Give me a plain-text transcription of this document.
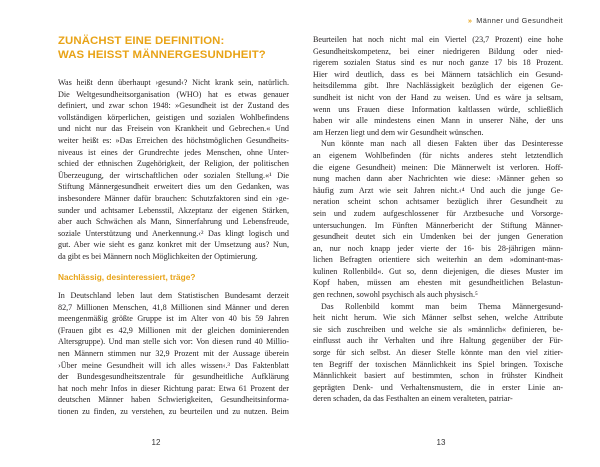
ZUNÄCHST EINE DEFINITION:
WAS HEISST MÄNNERGESUNDHEIT?
Was heißt denn überhaupt ›gesund‹? Nicht krank sein, natürlich.
Die Weltgesundheitsorganisation (WHO) hat es etwas genauer
definiert, und zwar schon 1948: »Gesundheit ist der Zustand des
vollständigen körperlichen, geistigen und sozialen Wohlbefindens
und nicht nur das Freisein von Krankheit und Gebrechen.« Und
weiter heißt es: »Das Erreichen des höchstmöglichen Gesundheits-
niveaus ist eines der Grundrechte jedes Menschen, ohne Unter-
schied der ethnischen Zugehörigkeit, der Religion, der politischen
Überzeugung, der wirtschaftlichen oder sozialen Stellung.«¹ Die
Stiftung Männergesundheit erweitert dies um den Gedanken, was
insbesondere Männer dafür brauchen: Schutzfaktoren sind ein ›ge-
sunder und achtsamer Lebensstil, Akzeptanz der eigenen Stärken,
aber auch Schwächen als Mann, Sinnerfahrung und Lebensfreude,
soziale Unterstützung und Anerkennung.‹² Das klingt logisch und
gut. Aber wie sieht es ganz konkret mit der Umsetzung aus? Nun,
da gibt es bei Männern noch Möglichkeiten der Optimierung.
Nachlässig, desinteressiert, träge?
In Deutschland leben laut dem Statistischen Bundesamt derzeit
82,7 Millionen Menschen, 41,8 Millionen sind Männer und deren
meengenmäßig größte Gruppe ist im Alter von 40 bis 59 Jahren
(Frauen gibt es 42,9 Millionen mit der gleichen dominierenden
Altersgruppe). Und man stelle sich vor: Von diesen rund 40 Millio-
nen Männern stimmen nur 32,9 Prozent mit der Aussage überein
›Über meine Gesundheit will ich alles wissen‹.³ Das Faktenblatt
der Bundesgesundheitszentrale für gesundheitliche Aufklärung
hat noch mehr Infos in dieser Richtung parat: Etwa 61 Prozent der
deutschen Männer haben Schwierigkeiten, Gesundheitsinforma-
tionen zu finden, zu verstehen, zu beurteilen und zu nutzen. Beim
12
» Männer und Gesundheit
Beurteilen hat noch nicht mal ein Viertel (23,7 Prozent) eine hohe
Gesundheitskompetenz, bei einer niedrigeren Bildung oder nied-
rigerem sozialen Status sind es nur noch ganze 17 bis 18 Prozent.
Hier wird deutlich, dass es bei Männern tatsächlich ein Gesund-
heitsdilemma gibt. Ihre Nachlässigkeit bezüglich der eigenen Ge-
sundheit ist nicht von der Hand zu weisen. Und es wäre ja seltsam,
wenn uns Frauen diese Information kaltlassen würde, schließlich
haben wir alle mindestens einen Mann in unserer Nähe, der uns
am Herzen liegt und dem wir Gesundheit wünschen.
Nun könnte man nach all diesen Fakten über das Desinteresse
an eigenem Wohlbefinden (für nichts anderes steht letztendlich
die eigene Gesundheit) meinen: Die Männerwelt ist verloren. Hoff-
nung machen dann aber Nachrichten wie diese: ›Männer gehen so
häufig zum Arzt wie seit Jahren nicht.‹⁴ Und auch die junge Ge-
neration scheint schon achtsamer bezüglich ihrer Gesundheit zu
sein und zudem aufgeschlossener für Arztbesuche und Vorsorge-
untersuchungen. Im Fünften Männerbericht der Stiftung Männer-
gesundheit deutet sich ein Umdenken bei der jungen Generation
an, nur noch knapp jeder vierte der 16- bis 28-jährigen männ-
lichen Befragten orientiere sich weiterhin an dem »dominant-mas-
kulinen Rollenbild«. Gut so, denn diejenigen, die dieses Muster im
Kopf haben, müssen am ehesten mit gesundheitlichen Belastun-
gen rechnen, sowohl psychisch als auch physisch.⁵
Das Rollenbild kommt man beim Thema Männergesund-
heit nicht herum. Wie sich Männer selbst sehen, welche Attribute
sie sich zuschreiben und welche sie als »männlich« definieren, be-
einflusst auch ihr Verhalten und ihre Haltung gegenüber der Für-
sorge für sich selbst. An dieser Stelle könnte man den viel zitier-
ten Begriff der toxischen Männlichkeit ins Spiel bringen. Toxische
Männlichkeit basiert auf bestimmten, schon in frühster Kindheit
geprägten Denk- und Verhaltensmustern, die in erster Linie an-
deren schaden, da das Festhalten an einem veralteten, patriar-
13
